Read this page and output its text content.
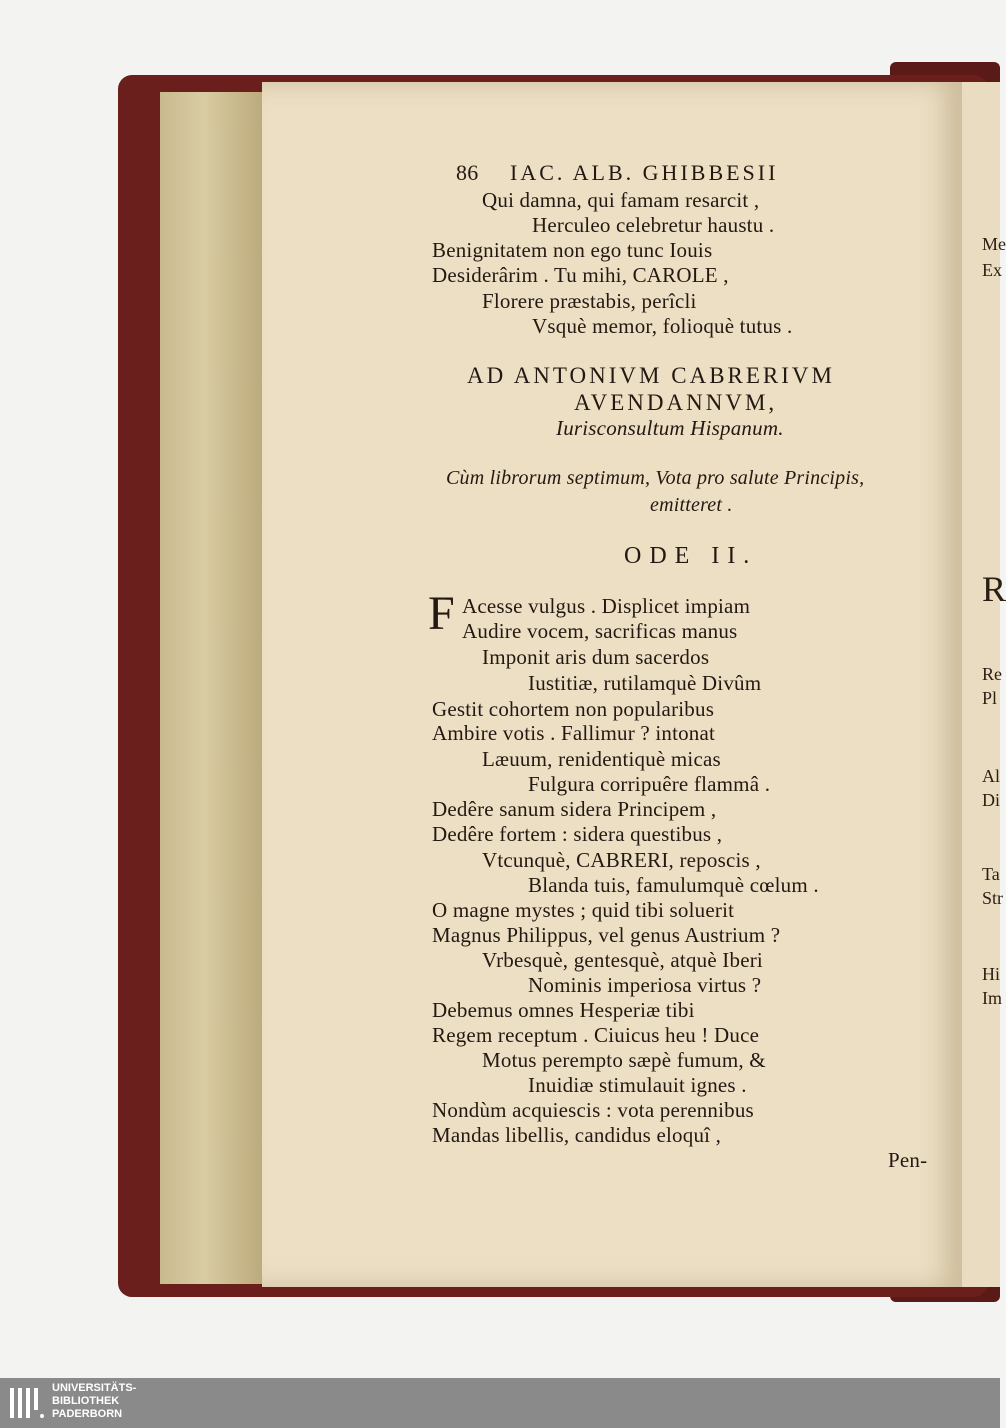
Me
Ex
R
Re
Pl
Al
Di
Ta
Str
Hi
Im
86 IAC. ALB. GHIBBESII
Qui damna, qui famam resarcit ,
Herculeo celebretur haustu .
Benignitatem non ego tunc Iouis
Desiderârim . Tu mihi, CAROLE ,
Florere præstabis, perîcli
Vsquè memor, folioquè tutus .
AD ANTONIVM CABRERIVM
AVENDANNVM,
Iurisconsultum Hispanum.
Cùm librorum septimum, Vota pro salute Principis,
emitteret .
ODE II.
F Acesse vulgus . Displicet impiam
Audire vocem, sacrificas manus
Imponit aris dum sacerdos
Iustitiæ, rutilamquè Divûm
Gestit cohortem non popularibus
Ambire votis . Fallimur ? intonat
Læuum, renidentiquè micas
Fulgura corripuêre flammâ .
Dedêre sanum sidera Principem ,
Dedêre fortem : sidera questibus ,
Vtcunquè, CABRERI, reposcis ,
Blanda tuis, famulumquè cœlum .
O magne mystes ; quid tibi soluerit
Magnus Philippus, vel genus Austrium ?
Vrbesquè, gentesquè, atquè Iberi
Nominis imperiosa virtus ?
Debemus omnes Hesperiæ tibi
Regem receptum . Ciuicus heu ! Duce
Motus perempto sæpè fumum, &
Inuidiæ stimulauit ignes .
Nondùm acquiescis : vota perennibus
Mandas libellis, candidus eloquî ,
Pen-
UNIVERSITÄTS-
BIBLIOTHEK
PADERBORN
